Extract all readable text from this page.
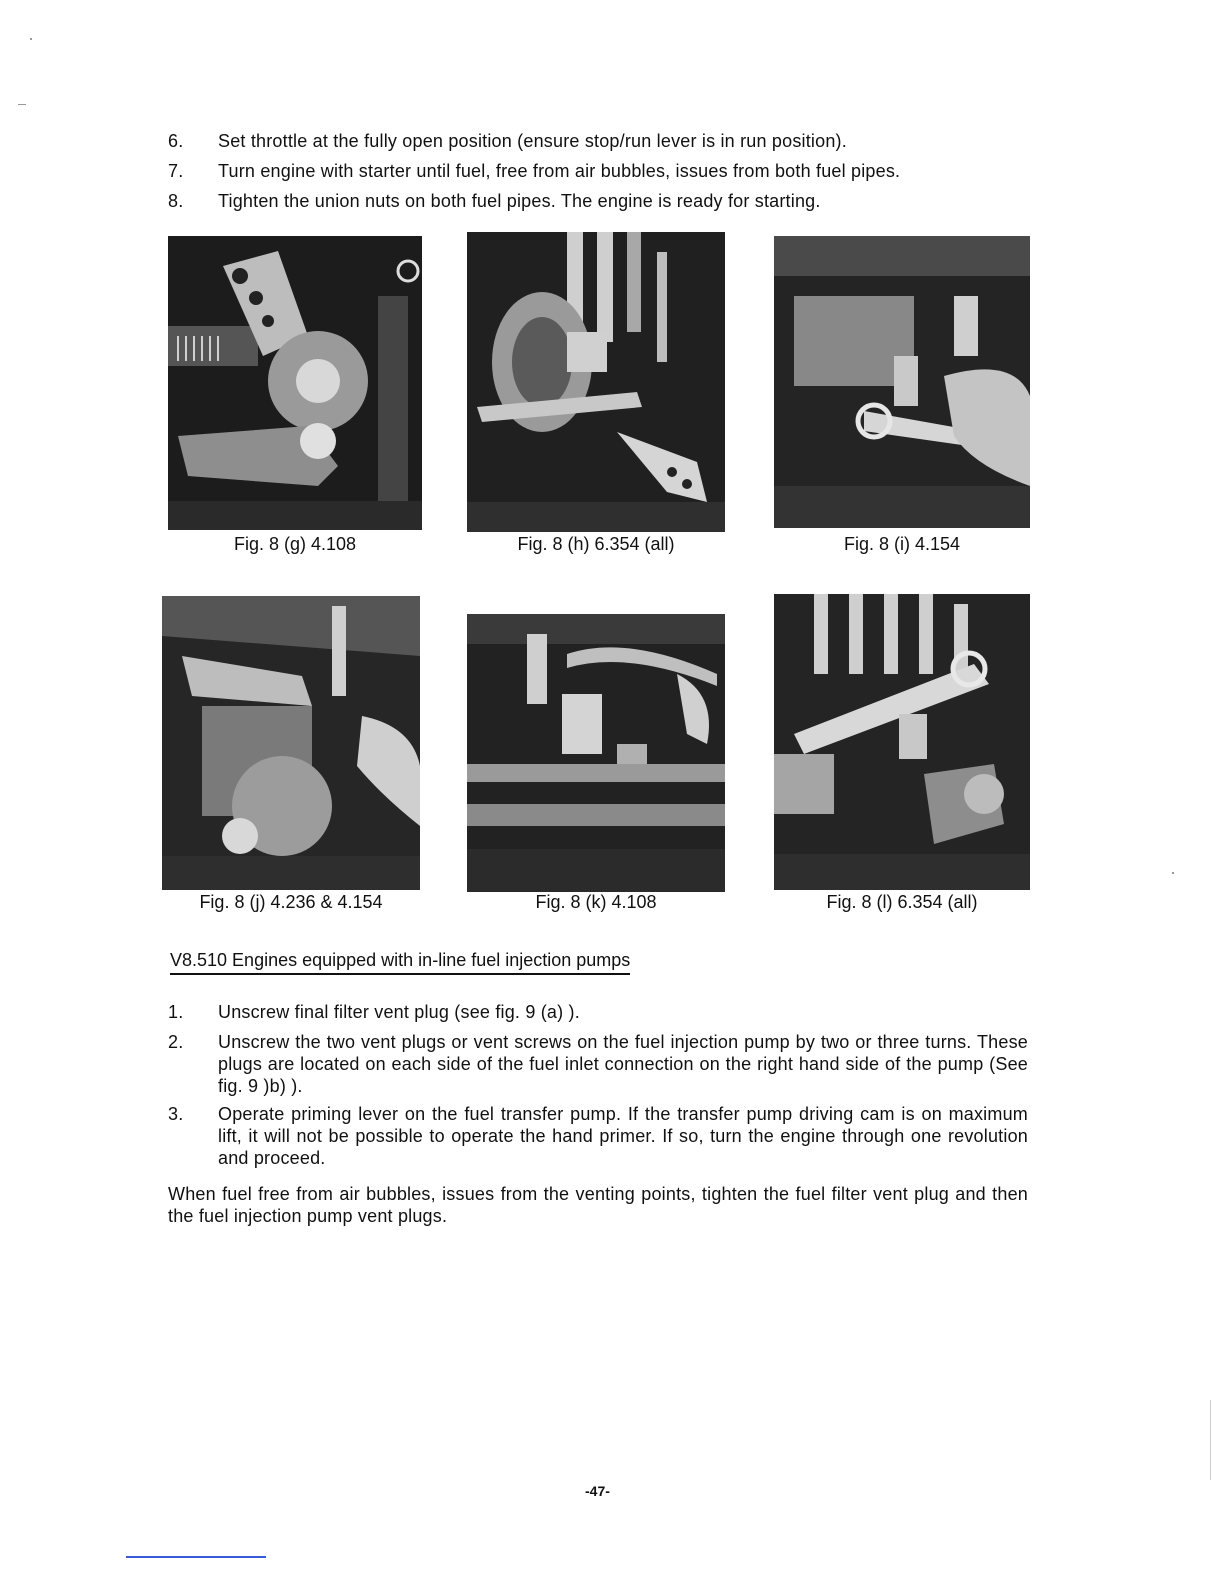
6. Set throttle at the fully open position (ensure stop/run lever is in run position).
7. Turn engine with starter until fuel, free from air bubbles, issues from both fuel pipes.
8. Tighten the union nuts on both fuel pipes. The engine is ready for starting.
Fig. 8 (g) 4.108	Fig. 8 (h) 6.354 (all)	Fig. 8 (i) 4.154
Fig. 8 (j) 4.236 & 4.154	Fig. 8 (k) 4.108	Fig. 8 (l) 6.354 (all)
V8.510 Engines equipped with in-line fuel injection pumps
1. Unscrew final filter vent plug (see fig. 9 (a) ).
2. Unscrew the two vent plugs or vent screws on the fuel injection pump by two or three turns. These plugs are located on each side of the fuel inlet connection on the right hand side of the pump (See fig. 9 )b) ).
3. Operate priming lever on the fuel transfer pump. If the transfer pump driving cam is on maximum lift, it will not be possible to operate the hand primer. If so, turn the engine through one revolution and proceed.
When fuel free from air bubbles, issues from the venting points, tighten the fuel filter vent plug and then the fuel injection pump vent plugs.
-47-
